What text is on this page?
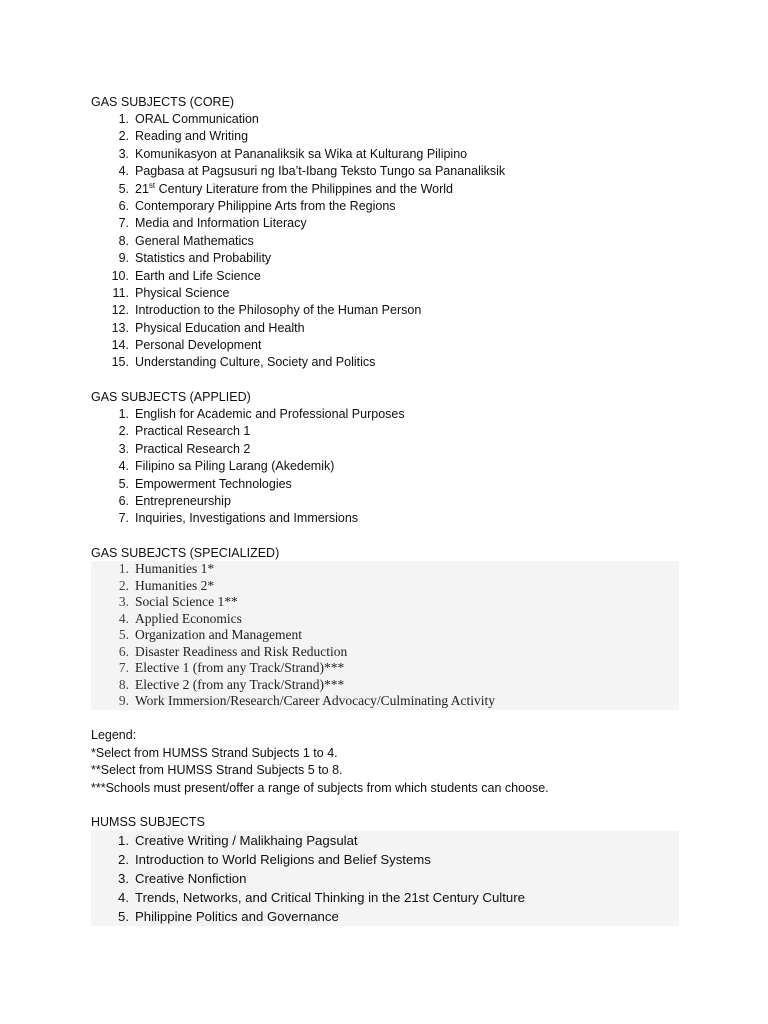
GAS SUBJECTS (CORE)
1. ORAL Communication
2. Reading and Writing
3. Komunikasyon at Pananaliksik sa Wika at Kulturang Pilipino
4. Pagbasa at Pagsusuri ng Iba’t-Ibang Teksto Tungo sa Pananaliksik
5. 21st Century Literature from the Philippines and the World
6. Contemporary Philippine Arts from the Regions
7. Media and Information Literacy
8. General Mathematics
9. Statistics and Probability
10. Earth and Life Science
11. Physical Science
12. Introduction to the Philosophy of the Human Person
13. Physical Education and Health
14. Personal Development
15. Understanding Culture, Society and Politics
GAS SUBJECTS (APPLIED)
1. English for Academic and Professional Purposes
2. Practical Research 1
3. Practical Research 2
4. Filipino sa Piling Larang (Akedemik)
5. Empowerment Technologies
6. Entrepreneurship
7. Inquiries, Investigations and Immersions
GAS SUBEJCTS (SPECIALIZED)
1. Humanities 1*
2. Humanities 2*
3. Social Science 1**
4. Applied Economics
5. Organization and Management
6. Disaster Readiness and Risk Reduction
7. Elective 1 (from any Track/Strand)***
8. Elective 2 (from any Track/Strand)***
9. Work Immersion/Research/Career Advocacy/Culminating Activity
Legend:
*Select from HUMSS Strand Subjects 1 to 4.
**Select from HUMSS Strand Subjects 5 to 8.
***Schools must present/offer a range of subjects from which students can choose.
HUMSS SUBJECTS
1. Creative Writing / Malikhaing Pagsulat
2. Introduction to World Religions and Belief Systems
3. Creative Nonfiction
4. Trends, Networks, and Critical Thinking in the 21st Century Culture
5. Philippine Politics and Governance
